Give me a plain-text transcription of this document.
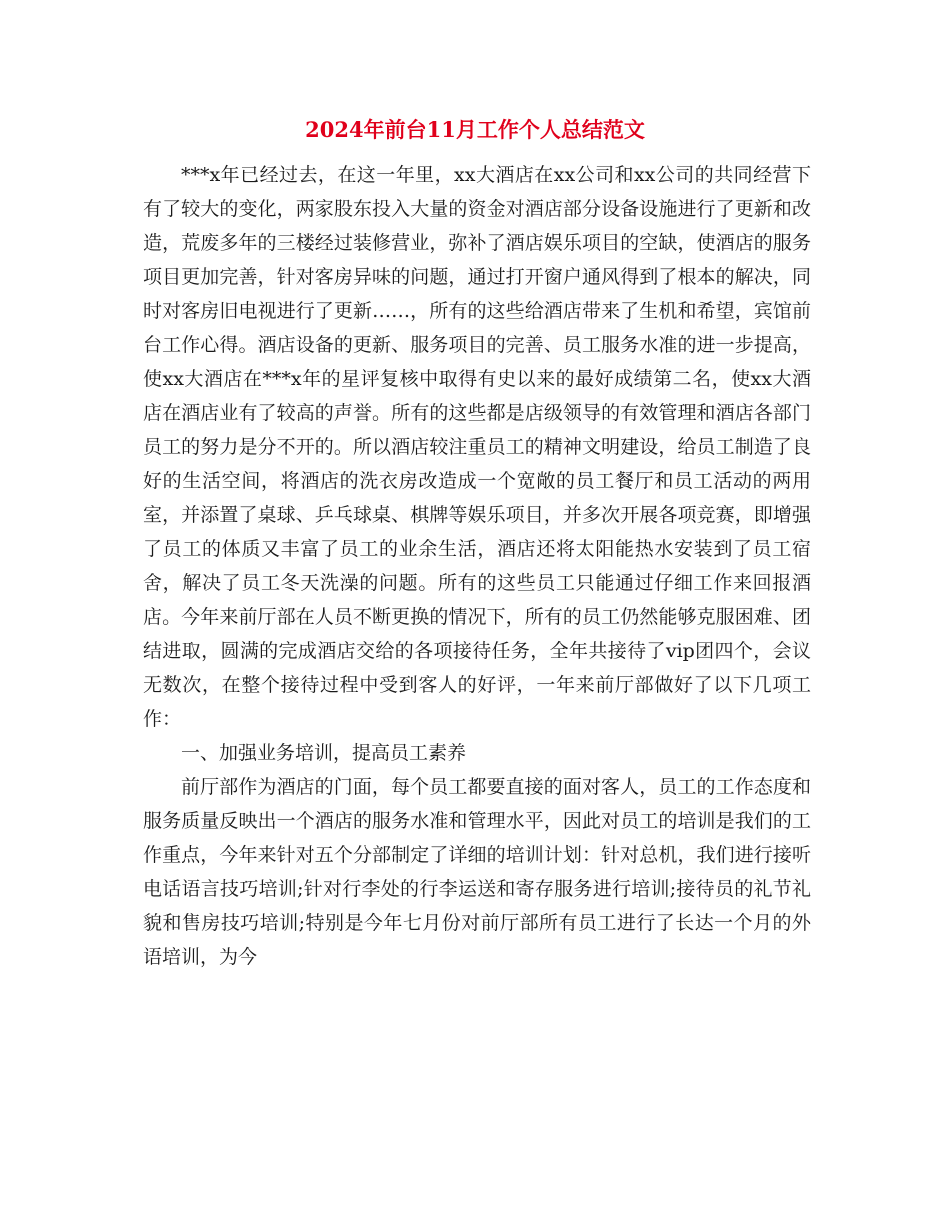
2024年前台11月工作个人总结范文

***x年已经过去，在这一年里，xx大酒店在xx公司和xx公司的共同经营下有了较大的变化，两家股东投入大量的资金对酒店部分设备设施进行了更新和改造，荒废多年的三楼经过装修营业，弥补了酒店娱乐项目的空缺，使酒店的服务项目更加完善，针对客房异味的问题，通过打开窗户通风得到了根本的解决，同时对客房旧电视进行了更新……，所有的这些给酒店带来了生机和希望，宾馆前台工作心得。酒店设备的更新、服务项目的完善、员工服务水准的进一步提高，使xx大酒店在***x年的星评复核中取得有史以来的最好成绩第二名，使xx大酒店在酒店业有了较高的声誉。所有的这些都是店级领导的有效管理和酒店各部门员工的努力是分不开的。所以酒店较注重员工的精神文明建设，给员工制造了良好的生活空间，将酒店的洗衣房改造成一个宽敞的员工餐厅和员工活动的两用室，并添置了桌球、乒乓球桌、棋牌等娱乐项目，并多次开展各项竞赛，即增强了员工的体质又丰富了员工的业余生活，酒店还将太阳能热水安装到了员工宿舍，解决了员工冬天洗澡的问题。所有的这些员工只能通过仔细工作来回报酒店。今年来前厅部在人员不断更换的情况下，所有的员工仍然能够克服困难、团结进取，圆满的完成酒店交给的各项接待任务，全年共接待了vip团四个，会议无数次，在整个接待过程中受到客人的好评，一年来前厅部做好了以下几项工作：

一、加强业务培训，提高员工素养

前厅部作为酒店的门面，每个员工都要直接的面对客人，员工的工作态度和服务质量反映出一个酒店的服务水准和管理水平，因此对员工的培训是我们的工作重点，今年来针对五个分部制定了详细的培训计划：针对总机，我们进行接听电话语言技巧培训;针对行李处的行李运送和寄存服务进行培训;接待员的礼节礼貌和售房技巧培训;特别是今年七月份对前厅部所有员工进行了长达一个月的外语培训，为今
